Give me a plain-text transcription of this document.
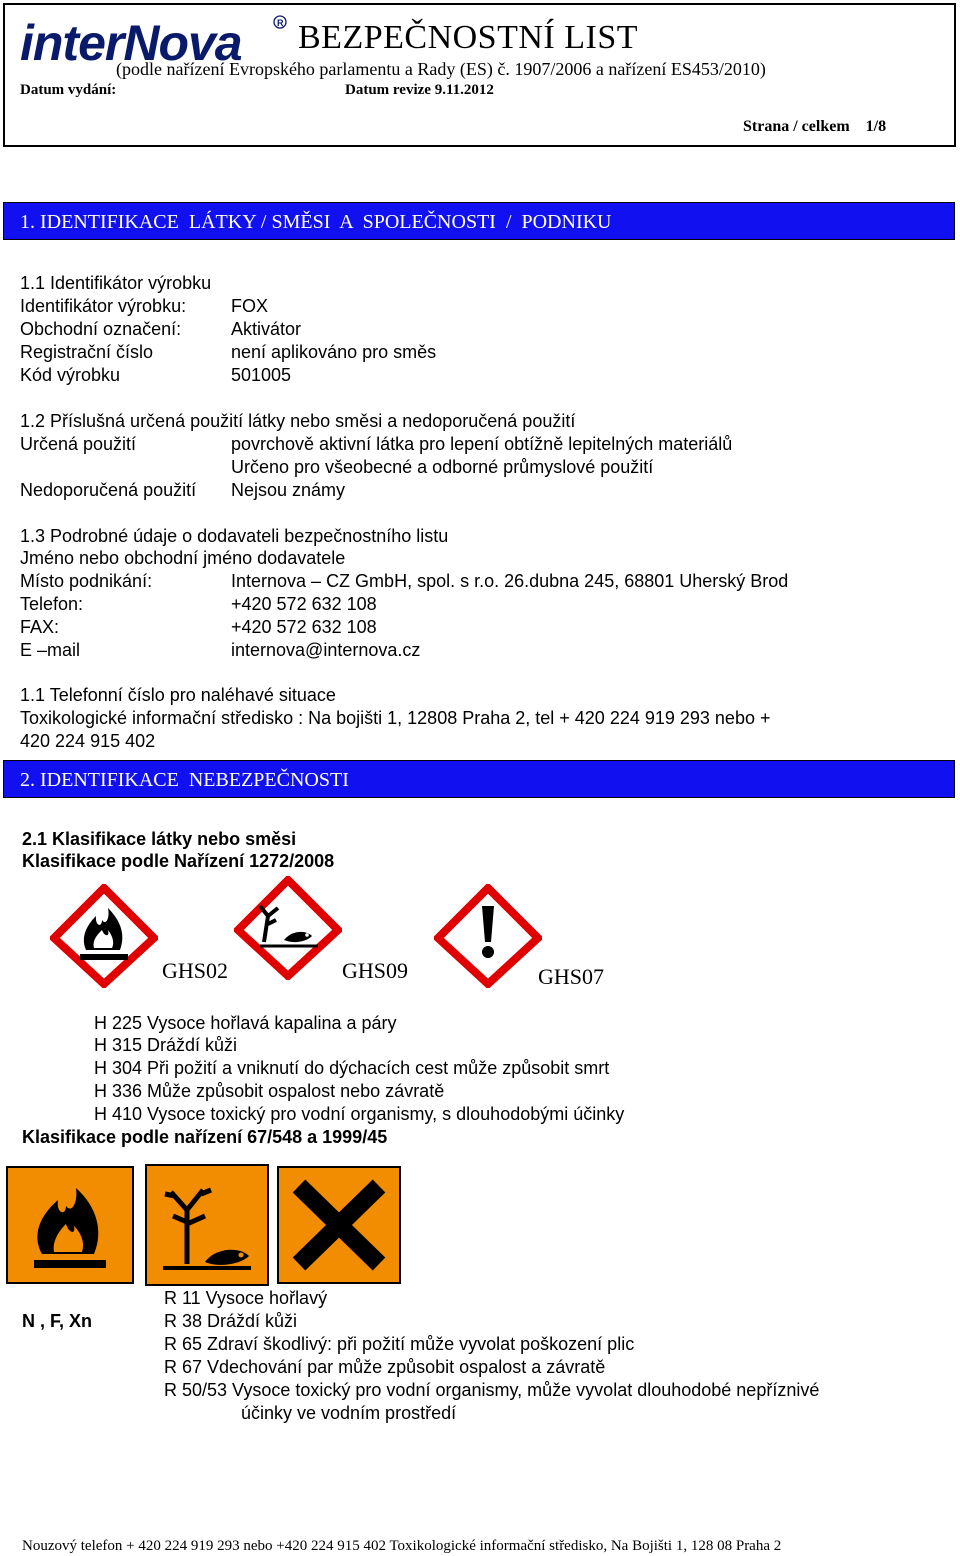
interNova	R BEZPEČNOSTNÍ LIST
(podle nařízení Evropského parlamentu a Rady (ES) č. 1907/2006 a nařízení ES453/2010)
Datum vydání:	Datum revize 9.11.2012
Strana / celkem    1/8
1. IDENTIFIKACE  LÁTKY / SMĚSI  A  SPOLEČNOSTI  /  PODNIKU
1.1 Identifikátor výrobku
Identifikátor výrobku: FOX
Obchodní označení:	Aktivátor
Registrační číslo	není aplikováno pro směs
Kód výrobku	501005
1.2 Příslušná určená použití látky nebo směsi a nedoporučená použití
Určená použití	povrchově aktivní látka pro lepení obtížně lepitelných materiálů
Určeno pro všeobecné a odborné průmyslové použití
Nedoporučená použití Nejsou známy
1.3 Podrobné údaje o dodavateli bezpečnostního listu
Jméno nebo obchodní jméno dodavatele
Místo podnikání:	Internova – CZ GmbH, spol. s r.o. 26.dubna 245, 68801 Uherský Brod
Telefon:	+420 572 632 108
FAX:	+420 572 632 108
E –mail	internova@internova.cz
1.1 Telefonní číslo pro naléhavé situace
Toxikologické informační středisko : Na bojišti 1, 12808 Praha 2, tel + 420 224 919 293 nebo +
420 224 915 402
2. IDENTIFIKACE  NEBEZPEČNOSTI
2.1 Klasifikace látky nebo směsi
Klasifikace podle Nařízení 1272/2008
GHS02	GHS09	GHS07
H 225 Vysoce hořlavá kapalina a páry
H 315 Dráždí kůži
H 304 Při požití a vniknutí do dýchacích cest může způsobit smrt
H 336 Může způsobit ospalost nebo závratě
H 410 Vysoce toxický pro vodní organismy, s dlouhodobými účinky
Klasifikace podle nařízení 67/548 a 1999/45
N , F, Xn
R 11 Vysoce hořlavý
R 38 Dráždí kůži
R 65 Zdraví škodlivý: při požití může vyvolat poškození plic
R 67 Vdechování par může způsobit ospalost a závratě
R 50/53 Vysoce toxický pro vodní organismy, může vyvolat dlouhodobé nepříznivé
účinky ve vodním prostředí
Nouzový telefon + 420 224 919 293 nebo +420 224 915 402 Toxikologické informační středisko, Na Bojišti 1, 128 08 Praha 2
